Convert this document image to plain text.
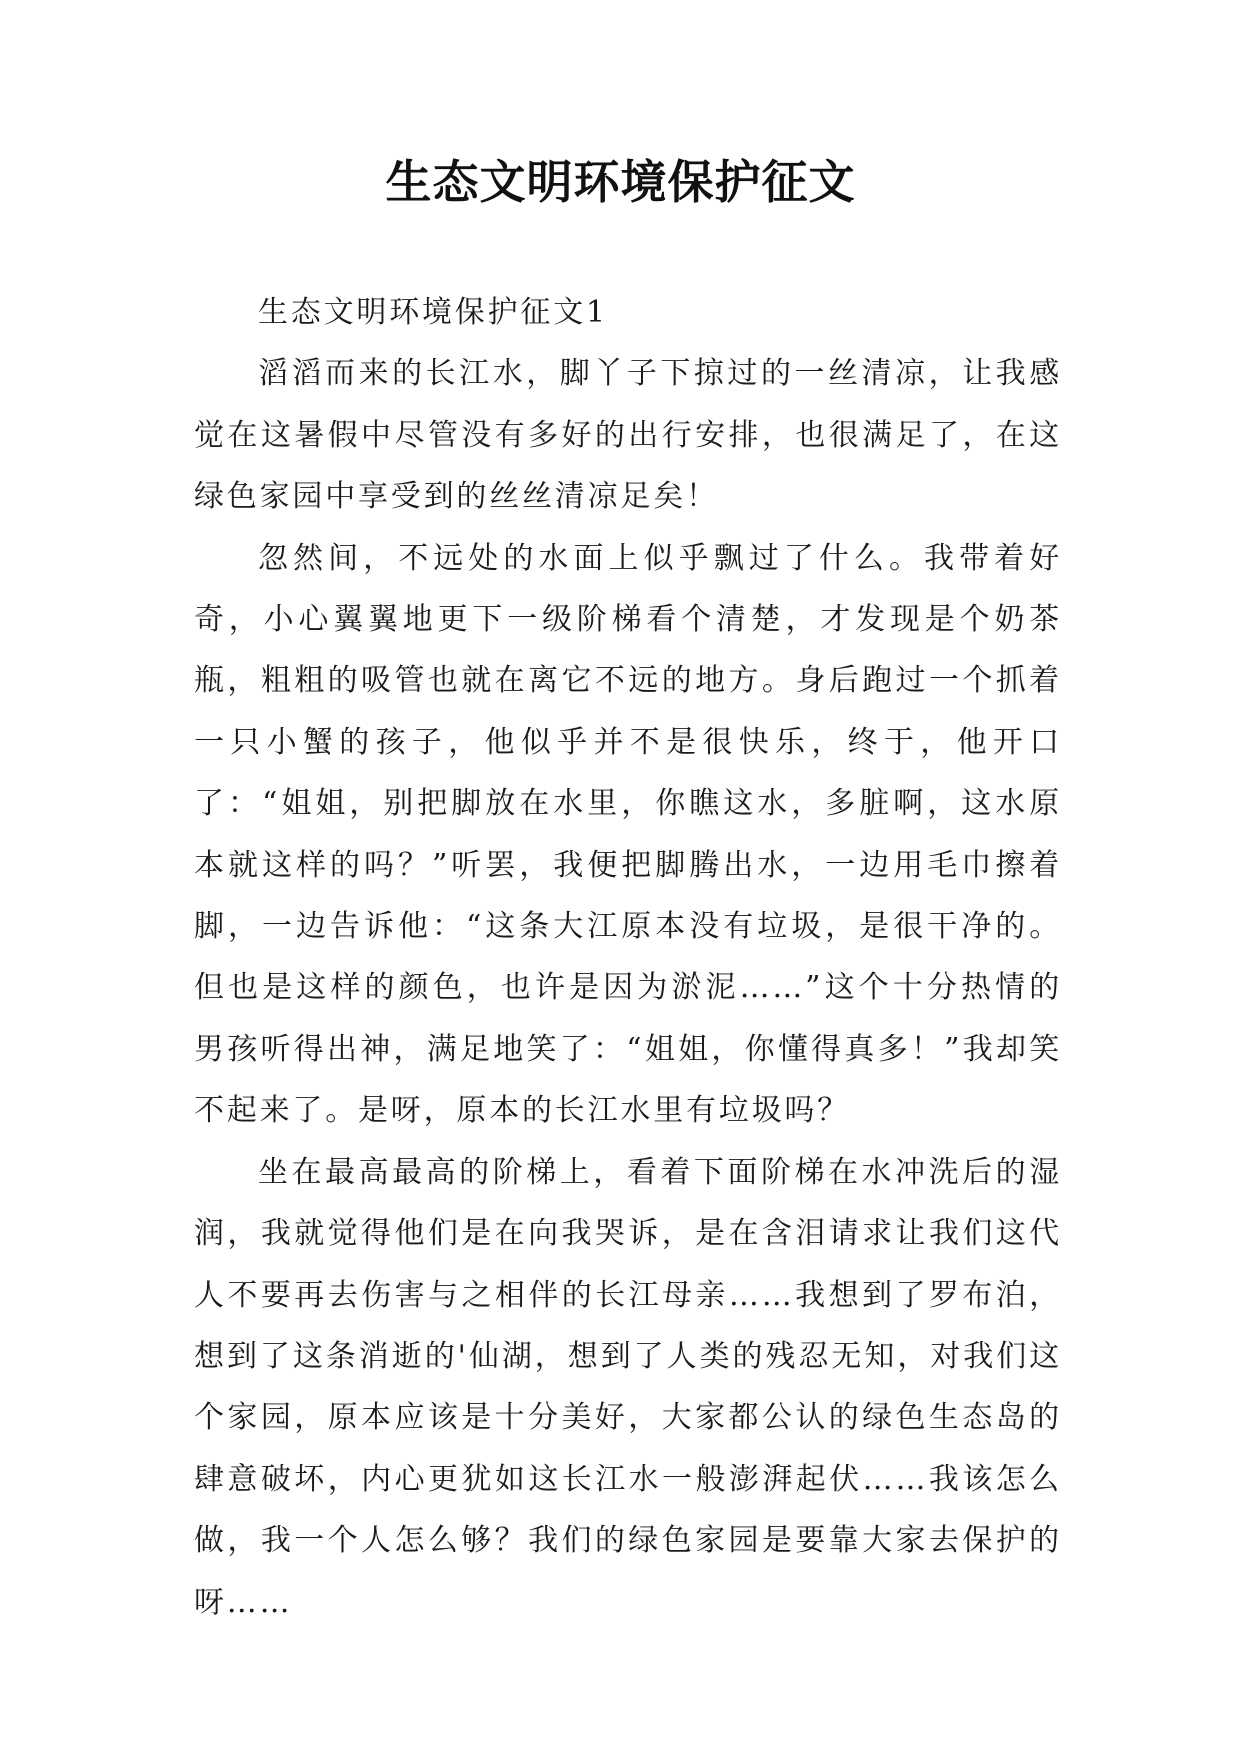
生态文明环境保护征文

生态文明环境保护征文1

滔滔而来的长江水，脚丫子下掠过的一丝清凉，让我感觉在这暑假中尽管没有多好的出行安排，也很满足了，在这绿色家园中享受到的丝丝清凉足矣！

忽然间，不远处的水面上似乎飘过了什么。我带着好奇，小心翼翼地更下一级阶梯看个清楚，才发现是个奶茶瓶，粗粗的吸管也就在离它不远的地方。身后跑过一个抓着一只小蟹的孩子，他似乎并不是很快乐，终于，他开口了：“姐姐，别把脚放在水里，你瞧这水，多脏啊，这水原本就这样的吗？”听罢，我便把脚腾出水，一边用毛巾擦着脚，一边告诉他：“这条大江原本没有垃圾，是很干净的。但也是这样的颜色，也许是因为淤泥……”这个十分热情的男孩听得出神，满足地笑了：“姐姐，你懂得真多！”我却笑不起来了。是呀，原本的长江水里有垃圾吗？

坐在最高最高的阶梯上，看着下面阶梯在水冲洗后的湿润，我就觉得他们是在向我哭诉，是在含泪请求让我们这代人不要再去伤害与之相伴的长江母亲……我想到了罗布泊，想到了这条消逝的'仙湖，想到了人类的残忍无知，对我们这个家园，原本应该是十分美好，大家都公认的绿色生态岛的肆意破坏，内心更犹如这长江水一般澎湃起伏……我该怎么做，我一个人怎么够？我们的绿色家园是要靠大家去保护的呀……
